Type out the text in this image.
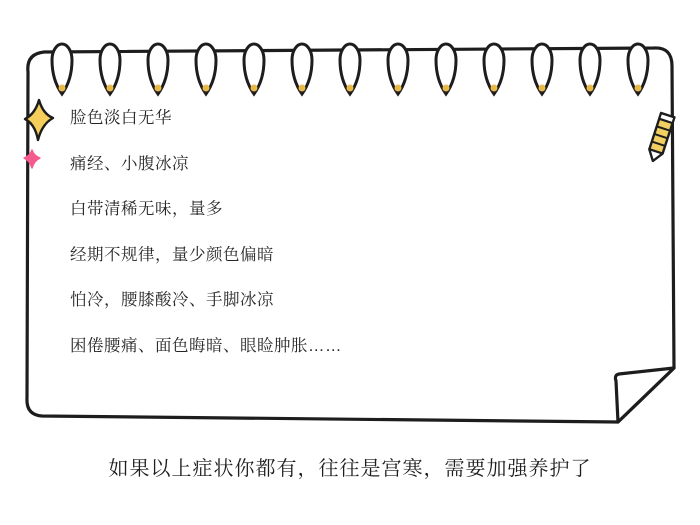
脸色淡白无华
痛经、小腹冰凉
白带清稀无味，量多
经期不规律，量少颜色偏暗
怕冷，腰膝酸冷、手脚冰凉
困倦腰痛、面色晦暗、眼睑肿胀……
如果以上症状你都有，往往是宫寒，需要加强养护了
